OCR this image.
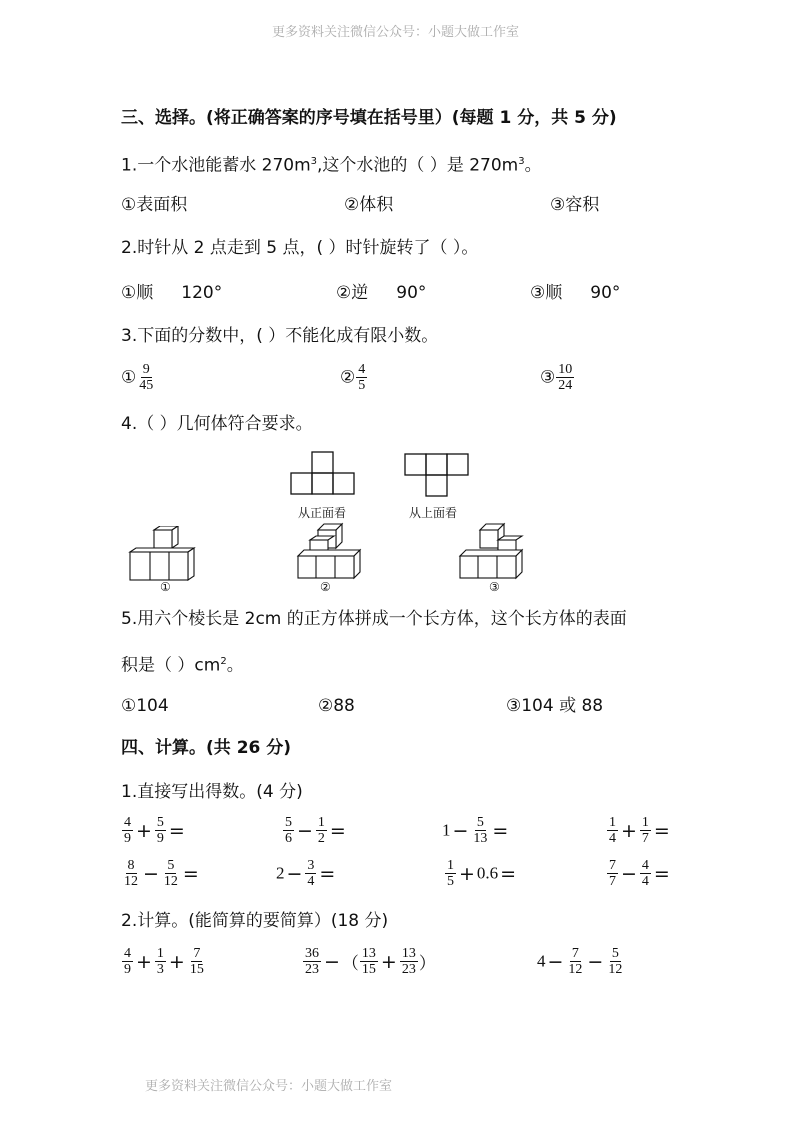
更多资料关注微信公众号：小题大做工作室
更多资料关注微信公众号：小题大做工作室
三、选择。(将正确答案的序号填在括号里）(每题 1 分，共 5 分)
1.一个水池能蓄水 $270m^3$,这个水池的（ ）是 $270m^3$。
①表面积	②体积	③容积
2.时针从 2 点走到 5 点，( ）时针旋转了（ ）。
①顺 120°	②逆 90°	③顺 90°
3.下面的分数中，( ）不能化成有限小数。
① $\frac{9}{45}$	② $\frac{4}{5}$	③ $\frac{10}{24}$
4.（ ）几何体符合要求。
从正面看	从上面看
①	②	③
5.用六个棱长是 2cm 的正方体拼成一个长方体，这个长方体的表面
积是（ ）$cm^2$。
①104	②88	③104 或 88
四、计算。(共 26 分)
1.直接写出得数。(4 分)
$\frac{4}{9} + \frac{5}{9}$ =	$\frac{5}{6} - \frac{1}{2}$ =	$1 - \frac{5}{13}$ =	$\frac{1}{4} + \frac{1}{7}$ =
$\frac{8}{12} - \frac{5}{12}$ =	$2 - \frac{3}{4}$ =	$\frac{1}{5} + 0.6$ =	$\frac{7}{7} - \frac{4}{4}$ =
2.计算。(能简算的要简算）(18 分)
$\frac{4}{9} + \frac{1}{3} + \frac{7}{15}$	$\frac{36}{23}$ − （ $\frac{13}{15} + \frac{13}{23}$ ）	$4 - \frac{7}{12} - \frac{5}{12}$
